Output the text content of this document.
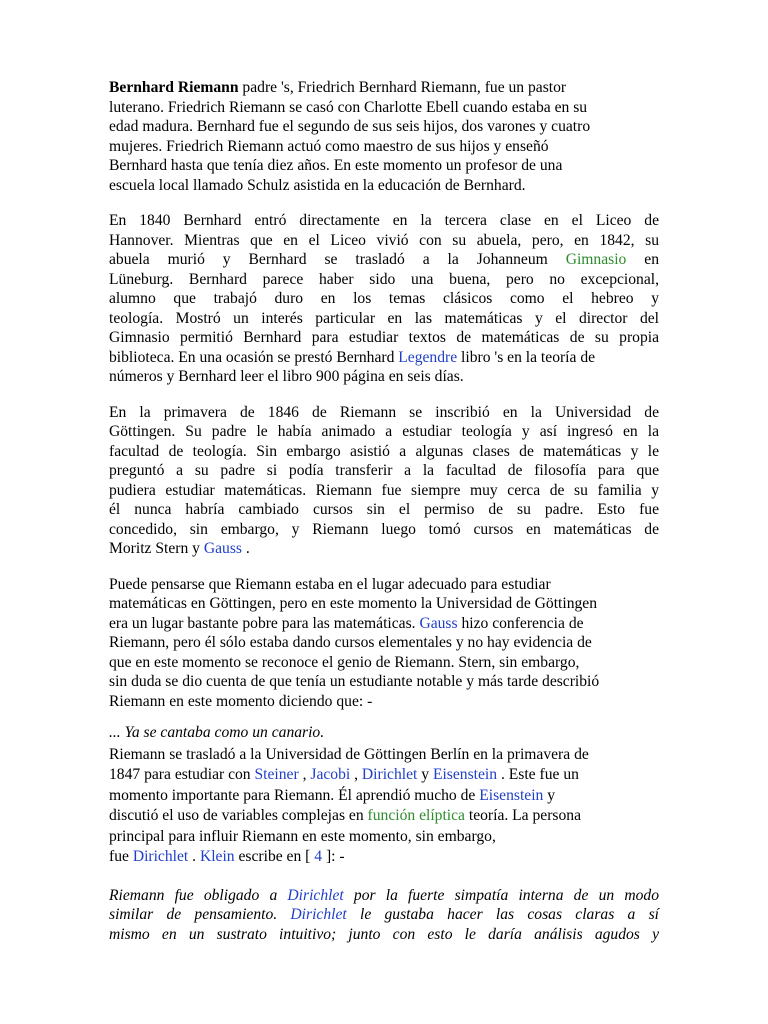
Bernhard Riemann padre 's, Friedrich Bernhard Riemann, fue un pastor
luterano. Friedrich Riemann se casó con Charlotte Ebell cuando estaba en su
edad madura. Bernhard fue el segundo de sus seis hijos, dos varones y cuatro
mujeres. Friedrich Riemann actuó como maestro de sus hijos y enseñó
Bernhard hasta que tenía diez años. En este momento un profesor de una
escuela local llamado Schulz asistida en la educación de Bernhard.
En 1840 Bernhard entró directamente en la tercera clase en el Liceo de
Hannover. Mientras que en el Liceo vivió con su abuela, pero, en 1842, su
abuela murió y Bernhard se trasladó a la Johanneum Gimnasio en
Lüneburg. Bernhard parece haber sido una buena, pero no excepcional,
alumno que trabajó duro en los temas clásicos como el hebreo y
teología. Mostró un interés particular en las matemáticas y el director del
Gimnasio permitió Bernhard para estudiar textos de matemáticas de su propia
biblioteca. En una ocasión se prestó Bernhard Legendre libro 's en la teoría de
números y Bernhard leer el libro 900 página en seis días.
En la primavera de 1846 de Riemann se inscribió en la Universidad de
Göttingen. Su padre le había animado a estudiar teología y así ingresó en la
facultad de teología. Sin embargo asistió a algunas clases de matemáticas y le
preguntó a su padre si podía transferir a la facultad de filosofía para que
pudiera estudiar matemáticas. Riemann fue siempre muy cerca de su familia y
él nunca habría cambiado cursos sin el permiso de su padre. Esto fue
concedido, sin embargo, y Riemann luego tomó cursos en matemáticas de
Moritz Stern y Gauss .
Puede pensarse que Riemann estaba en el lugar adecuado para estudiar
matemáticas en Göttingen, pero en este momento la Universidad de Göttingen
era un lugar bastante pobre para las matemáticas. Gauss hizo conferencia de
Riemann, pero él sólo estaba dando cursos elementales y no hay evidencia de
que en este momento se reconoce el genio de Riemann. Stern, sin embargo,
sin duda se dio cuenta de que tenía un estudiante notable y más tarde describió
Riemann en este momento diciendo que: -
... Ya se cantaba como un canario.
Riemann se trasladó a la Universidad de Göttingen Berlín en la primavera de
1847 para estudiar con Steiner , Jacobi , Dirichlet y Eisenstein . Este fue un
momento importante para Riemann. Él aprendió mucho de Eisenstein y
discutió el uso de variables complejas en función elíptica teoría. La persona
principal para influir Riemann en este momento, sin embargo,
fue Dirichlet . Klein escribe en [ 4 ]: -
Riemann fue obligado a Dirichlet por la fuerte simpatía interna de un modo
similar de pensamiento. Dirichlet le gustaba hacer las cosas claras a sí
mismo en un sustrato intuitivo; junto con esto le daría análisis agudos y
